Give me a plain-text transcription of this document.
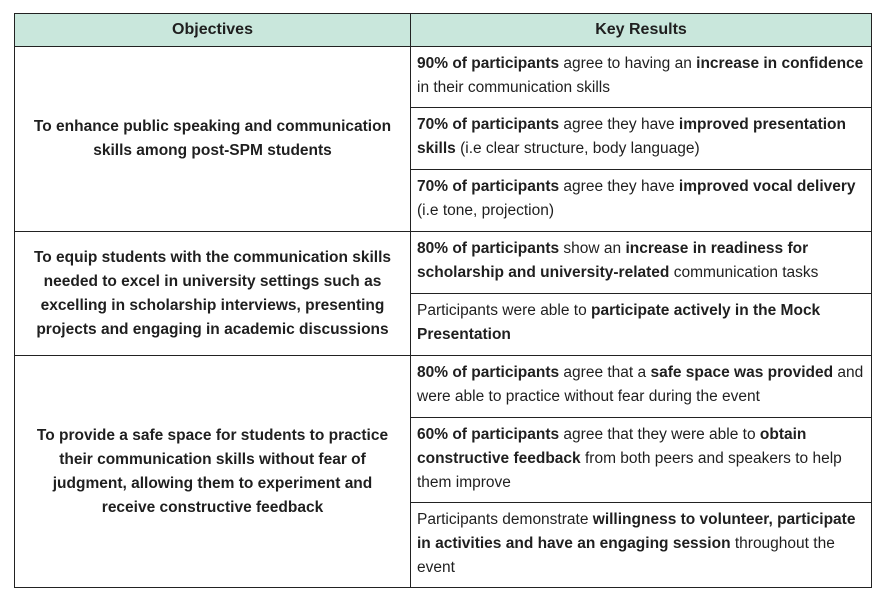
Objectives	Key Results
To enhance public speaking and communication skills among post-SPM students	90% of participants agree to having an increase in confidence in their communication skills
	70% of participants agree they have improved presentation skills (i.e clear structure, body language)
	70% of participants agree they have improved vocal delivery (i.e tone, projection)
To equip students with the communication skills needed to excel in university settings such as excelling in scholarship interviews, presenting projects and engaging in academic discussions	80% of participants show an increase in readiness for scholarship and university-related communication tasks
	Participants were able to participate actively in the Mock Presentation
To provide a safe space for students to practice their communication skills without fear of judgment, allowing them to experiment and receive constructive feedback	80% of participants agree that a safe space was provided and were able to practice without fear during the event
	60% of participants agree that they were able to obtain constructive feedback from both peers and speakers to help them improve
	Participants demonstrate willingness to volunteer, participate in activities and have an engaging session throughout the event
